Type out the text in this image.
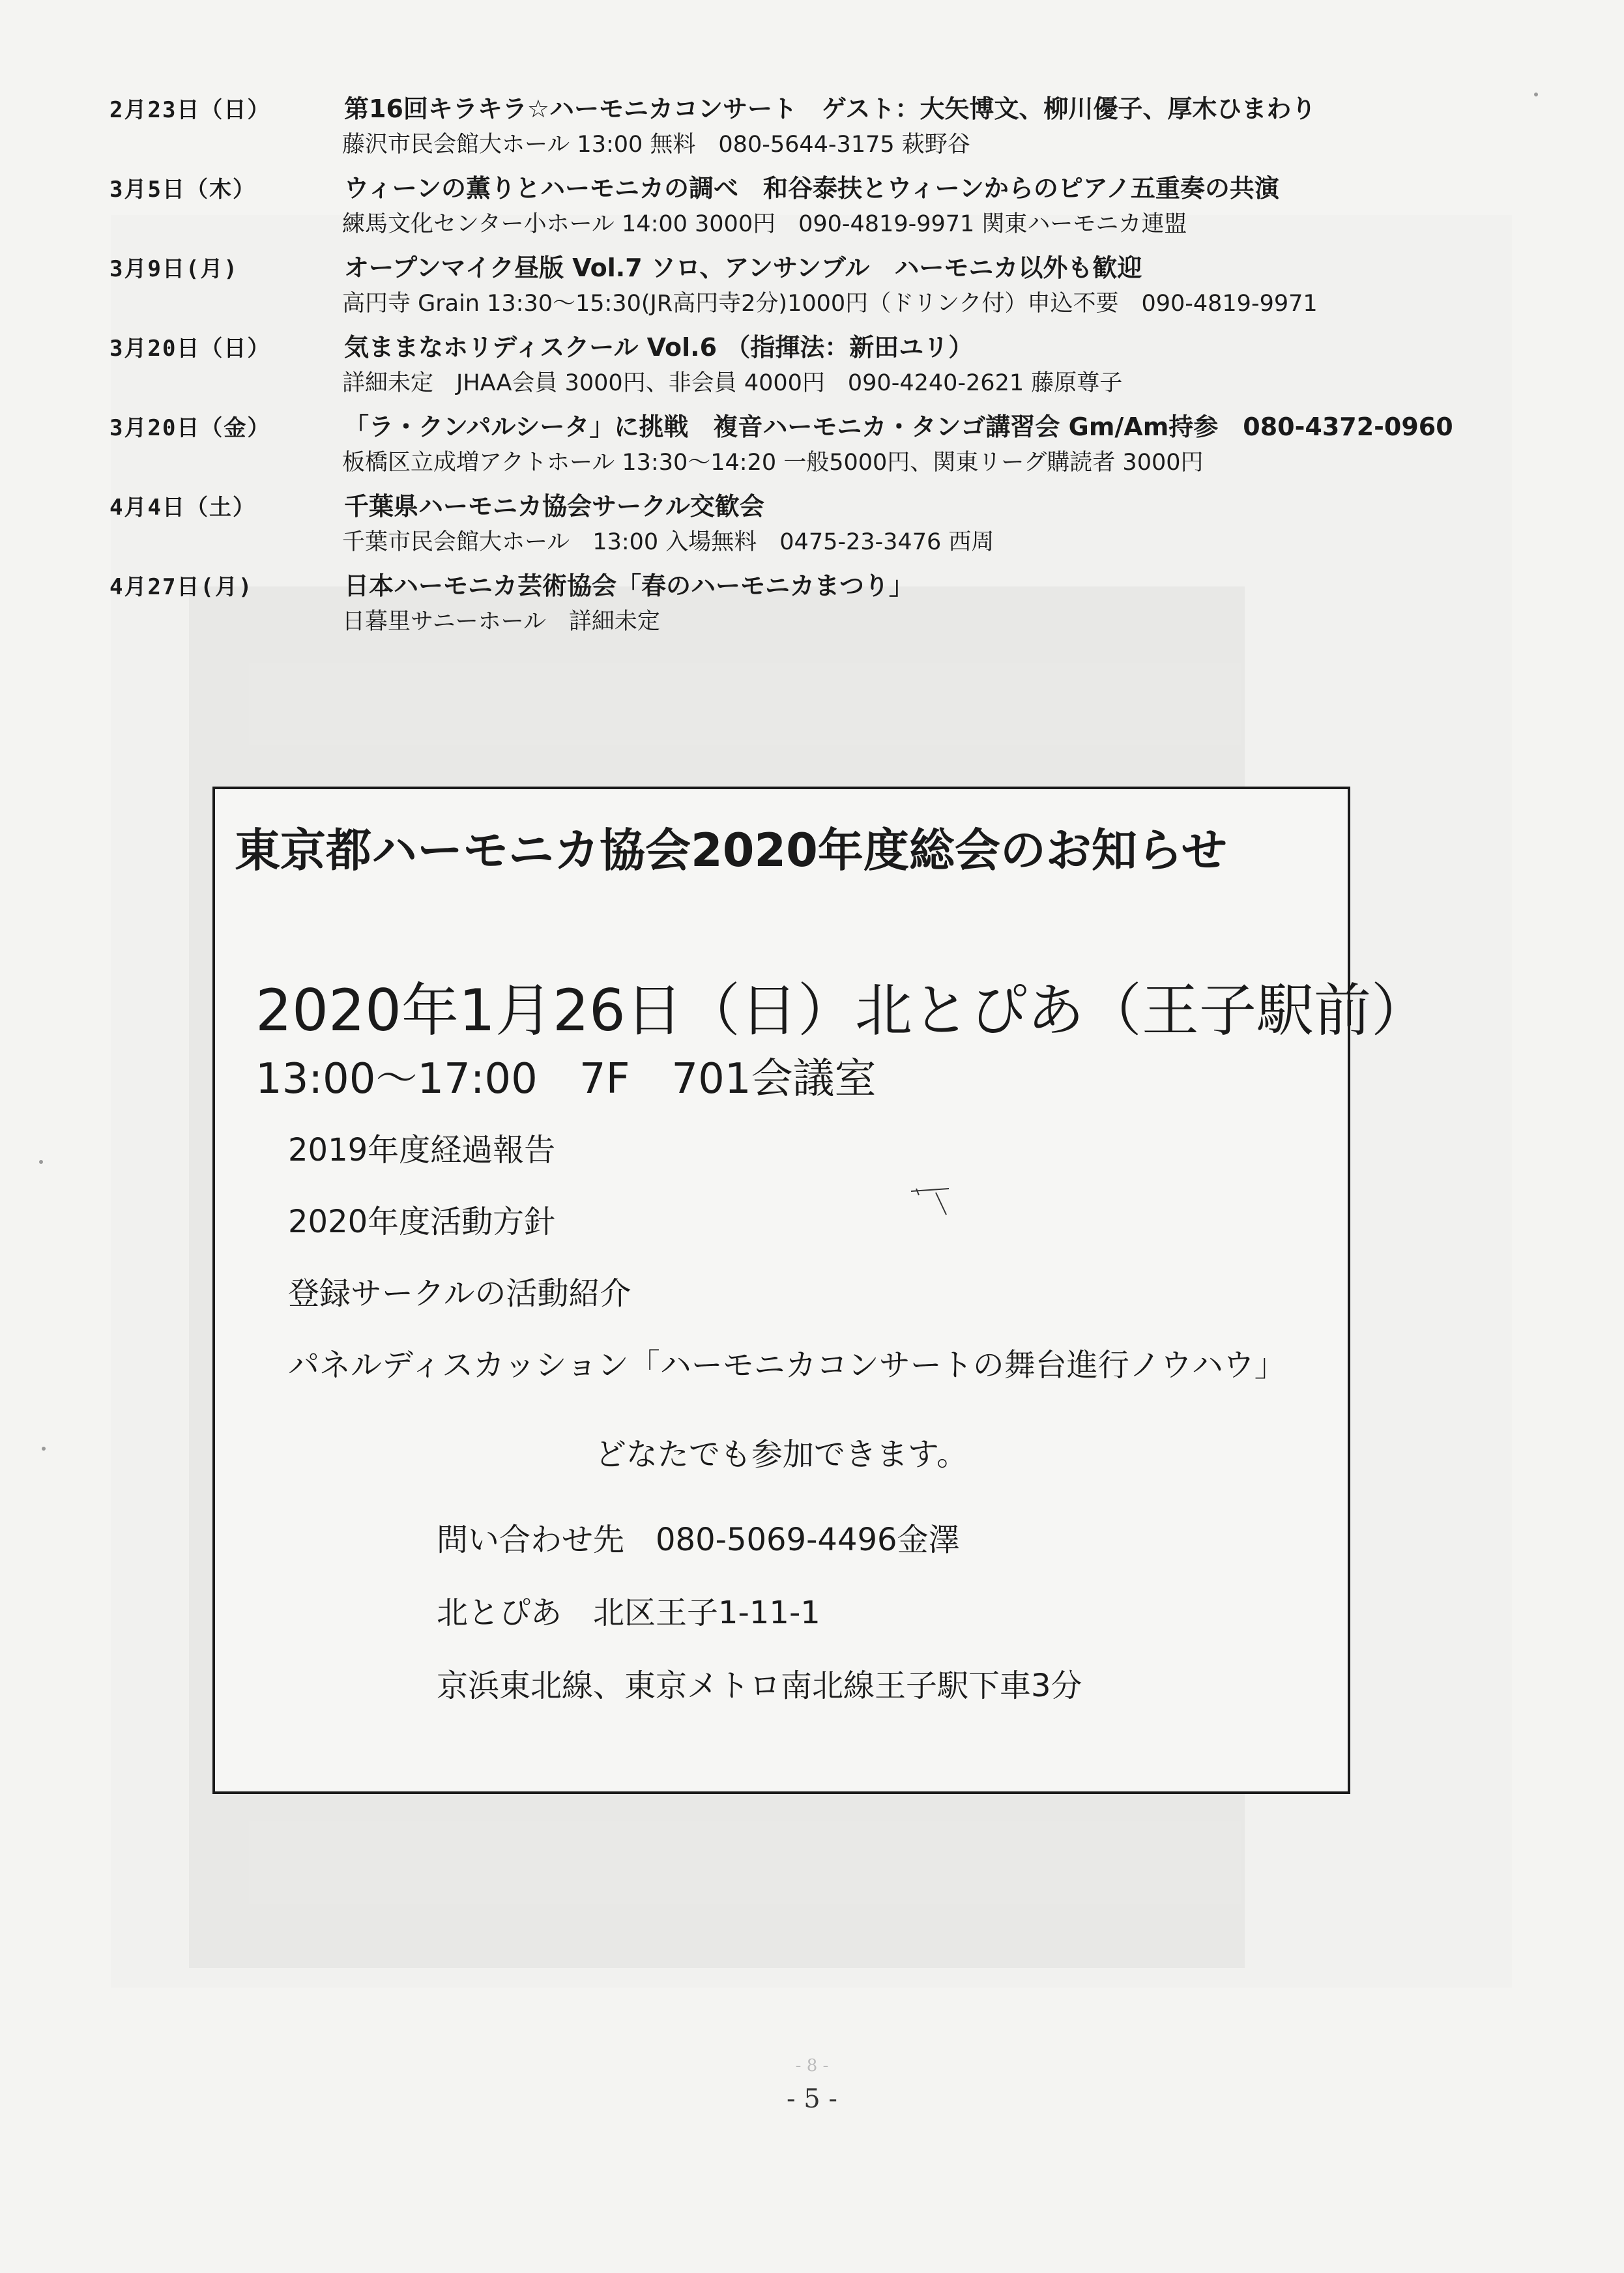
2月23日（日）	第16回キラキラ☆ハーモニカコンサート　ゲスト：大矢博文、柳川優子、厚木ひまわり
藤沢市民会館大ホール 13:00 無料　080-5644-3175 萩野谷
3月5日（木）	ウィーンの薫りとハーモニカの調べ　和谷泰扶とウィーンからのピアノ五重奏の共演
練馬文化センター小ホール 14:00 3000円　090-4819-9971 関東ハーモニカ連盟
3月9日(月)	オープンマイク昼版 Vol.7 ソロ、アンサンブル　ハーモニカ以外も歓迎
高円寺 Grain 13:30～15:30(JR高円寺2分)1000円（ドリンク付）申込不要　090-4819-9971
3月20日（日）	気ままなホリディスクール Vol.6 （指揮法：新田ユリ）
詳細未定　JHAA会員 3000円、非会員 4000円　090-4240-2621 藤原尊子
3月20日（金）	「ラ・クンパルシータ」に挑戦　複音ハーモニカ・タンゴ講習会 Gm/Am持参　080-4372-0960
板橋区立成増アクトホール 13:30～14:20 一般5000円、関東リーグ購読者 3000円
4月4日（土）	千葉県ハーモニカ協会サークル交歓会
千葉市民会館大ホール　13:00 入場無料　0475-23-3476 西周
4月27日(月)	日本ハーモニカ芸術協会「春のハーモニカまつり」
日暮里サニーホール　詳細未定
東京都ハーモニカ協会2020年度総会のお知らせ
2020年1月26日（日）北とぴあ（王子駅前）
13:00～17:00　7F　701会議室
2019年度経過報告
2020年度活動方針
登録サークルの活動紹介
パネルディスカッション「ハーモニカコンサートの舞台進行ノウハウ」
どなたでも参加できます。
問い合わせ先　080-5069-4496金澤
北とぴあ　北区王子1-11-1
京浜東北線、東京メトロ南北線王子駅下車3分
- 8 -
- 5 -
